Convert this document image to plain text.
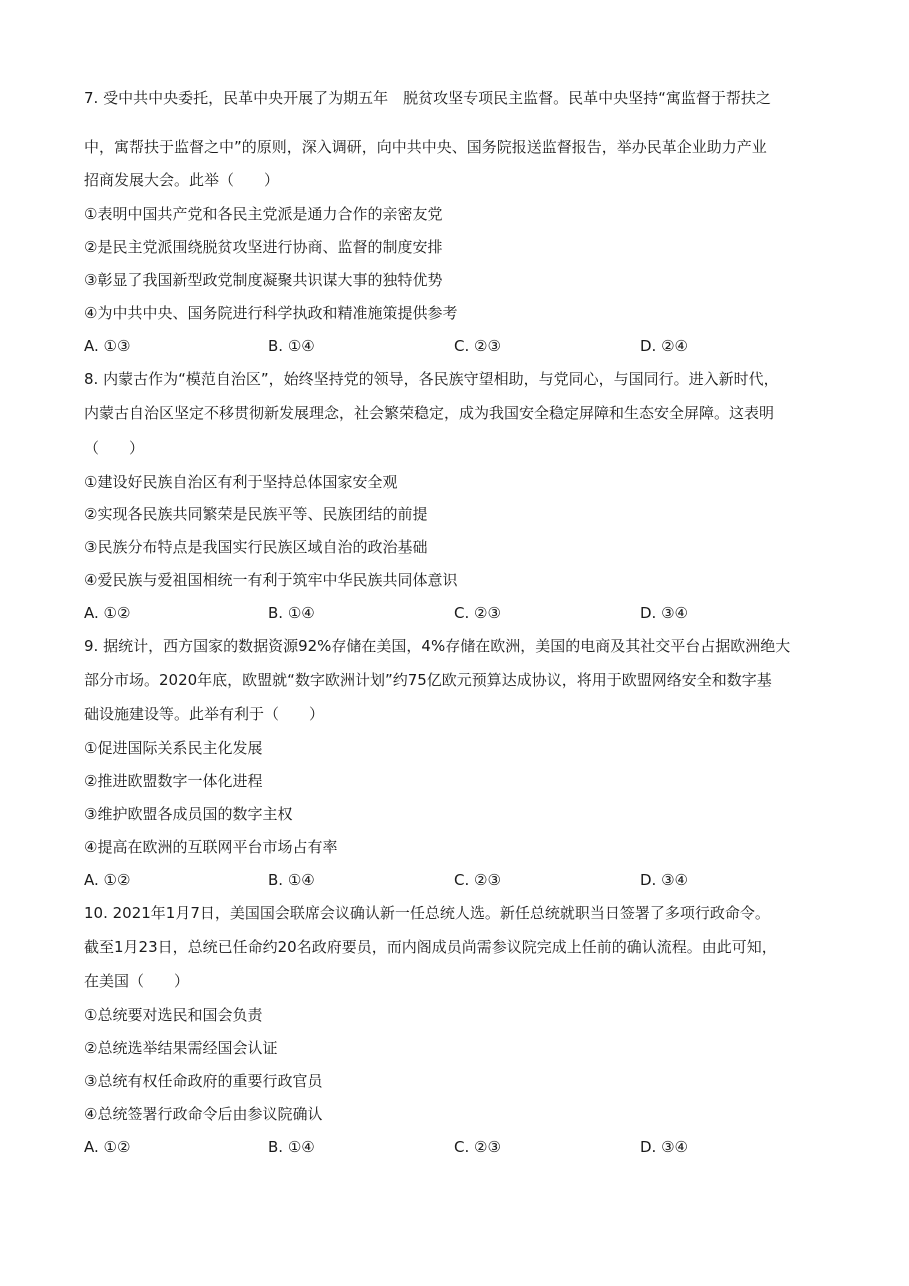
7. 受中共中央委托，民革中央开展了为期五年　脱贫攻坚专项民主监督。民革中央坚持“寓监督于帮扶之
中，寓帮扶于监督之中”的原则，深入调研，向中共中央、国务院报送监督报告，举办民革企业助力产业
招商发展大会。此举（　　）
①表明中国共产党和各民主党派是通力合作的亲密友党
②是民主党派围绕脱贫攻坚进行协商、监督的制度安排
③彰显了我国新型政党制度凝聚共识谋大事的独特优势
④为中共中央、国务院进行科学执政和精准施策提供参考
A. ①③	B. ①④	C. ②③	D. ②④
8. 内蒙古作为“模范自治区”，始终坚持党的领导，各民族守望相助，与党同心，与国同行。进入新时代，
内蒙古自治区坚定不移贯彻新发展理念，社会繁荣稳定，成为我国安全稳定屏障和生态安全屏障。这表明
（　　）
①建设好民族自治区有利于坚持总体国家安全观
②实现各民族共同繁荣是民族平等、民族团结的前提
③民族分布特点是我国实行民族区域自治的政治基础
④爱民族与爱祖国相统一有利于筑牢中华民族共同体意识
A. ①②	B. ①④	C. ②③	D. ③④
9. 据统计，西方国家的数据资源92%存储在美国，4%存储在欧洲，美国的电商及其社交平台占据欧洲绝大
部分市场。2020年底，欧盟就“数字欧洲计划”约75亿欧元预算达成协议，将用于欧盟网络安全和数字基
础设施建设等。此举有利于（　　）
①促进国际关系民主化发展
②推进欧盟数字一体化进程
③维护欧盟各成员国的数字主权
④提高在欧洲的互联网平台市场占有率
A. ①②	B. ①④	C. ②③	D. ③④
10. 2021年1月7日，美国国会联席会议确认新一任总统人选。新任总统就职当日签署了多项行政命令。
截至1月23日，总统已任命约20名政府要员，而内阁成员尚需参议院完成上任前的确认流程。由此可知，
在美国（　　）
①总统要对选民和国会负责
②总统选举结果需经国会认证
③总统有权任命政府的重要行政官员
④总统签署行政命令后由参议院确认
A. ①②	B. ①④	C. ②③	D. ③④
